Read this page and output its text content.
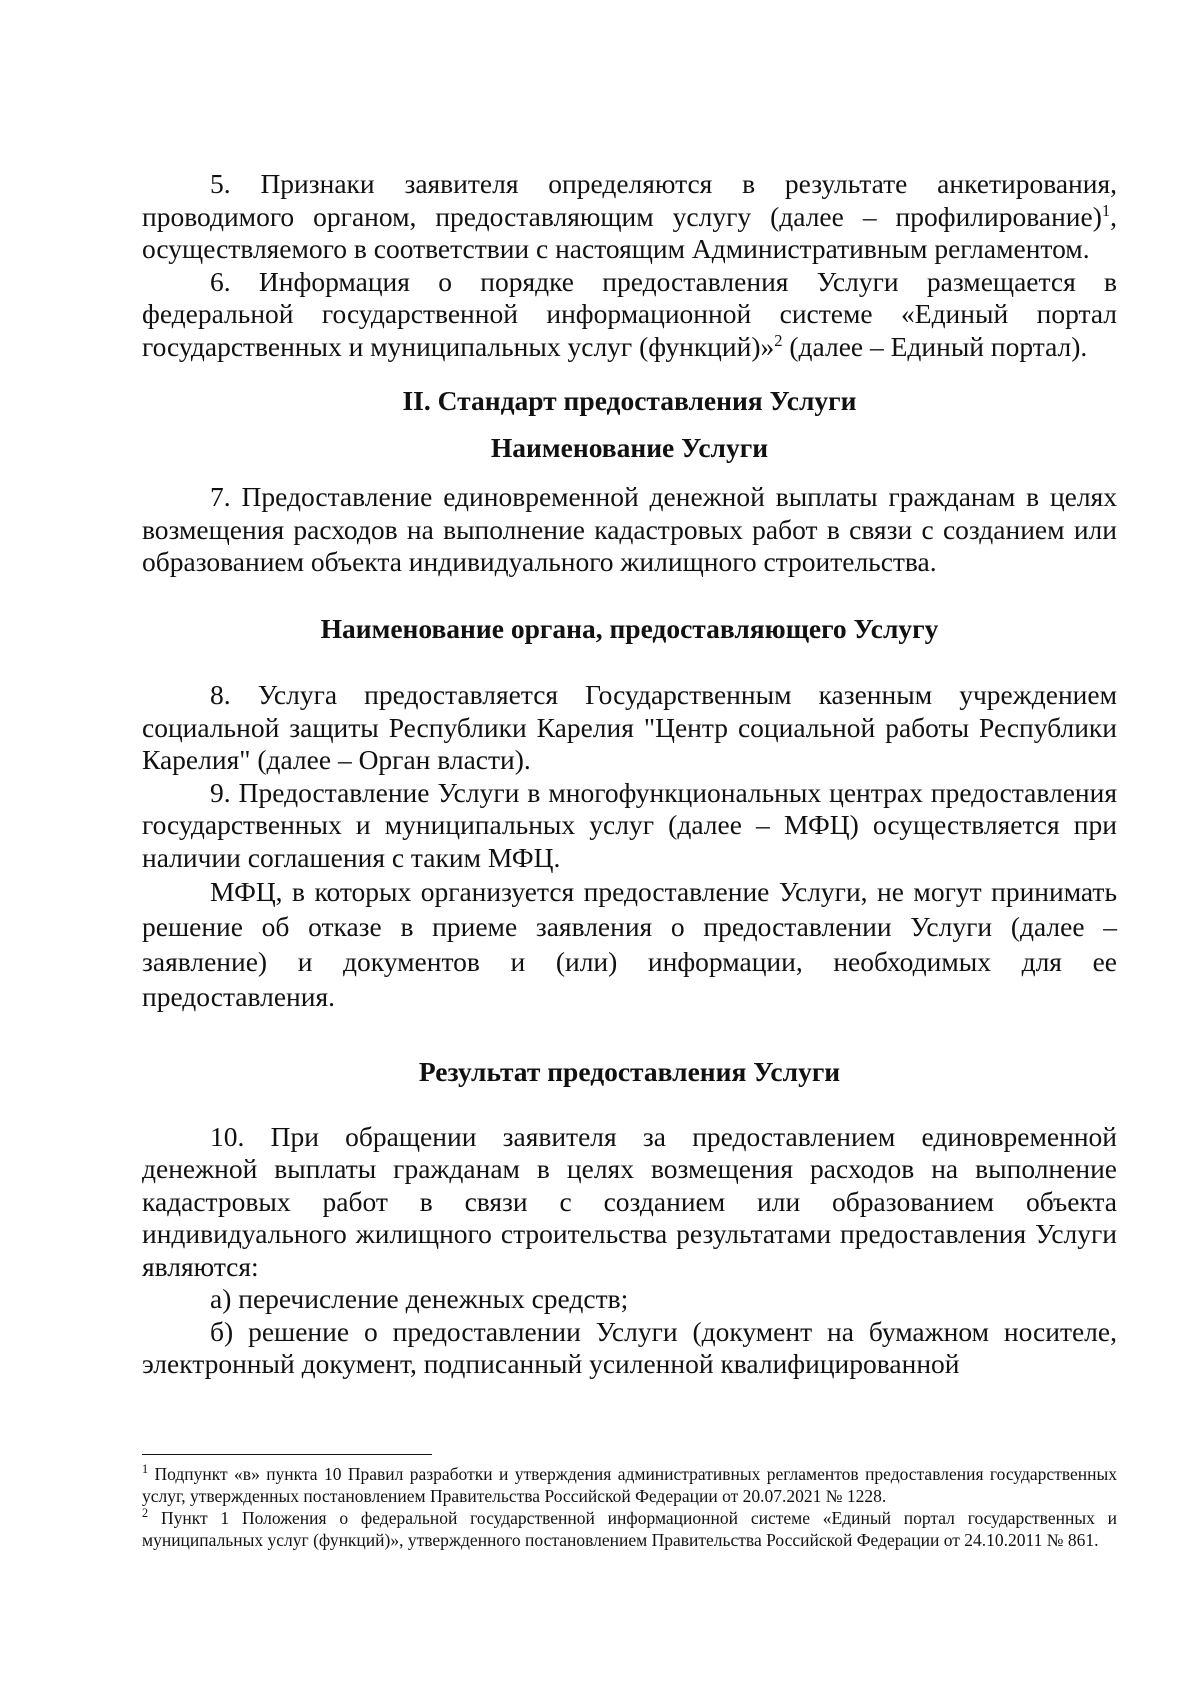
5. Признаки заявителя определяются в результате анкетирования, проводимого органом, предоставляющим услугу (далее – профилирование)$^1$, осуществляемого в соответствии с настоящим Административным регламентом.

6. Информация о порядке предоставления Услуги размещается в федеральной государственной информационной системе «Единый портал государственных и муниципальных услуг (функций)»$^2$ (далее – Единый портал).

II. Стандарт предоставления Услуги

Наименование Услуги

7. Предоставление единовременной денежной выплаты гражданам в целях возмещения расходов на выполнение кадастровых работ в связи с созданием или образованием объекта индивидуального жилищного строительства.

Наименование органа, предоставляющего Услугу

8. Услуга предоставляется Государственным казенным учреждением социальной защиты Республики Карелия "Центр социальной работы Республики Карелия" (далее – Орган власти).

9. Предоставление Услуги в многофункциональных центрах предоставления государственных и муниципальных услуг (далее – МФЦ) осуществляется при наличии соглашения с таким МФЦ.

МФЦ, в которых организуется предоставление Услуги, не могут принимать решение об отказе в приеме заявления о предоставлении Услуги (далее – заявление) и документов и (или) информации, необходимых для ее предоставления.

Результат предоставления Услуги

10. При обращении заявителя за предоставлением единовременной денежной выплаты гражданам в целях возмещения расходов на выполнение кадастровых работ в связи с созданием или образованием объекта индивидуального жилищного строительства результатами предоставления Услуги являются:

а) перечисление денежных средств;

б) решение о предоставлении Услуги (документ на бумажном носителе, электронный документ, подписанный усиленной квалифицированной

$^1$ Подпункт «в» пункта 10 Правил разработки и утверждения административных регламентов предоставления государственных услуг, утвержденных постановлением Правительства Российской Федерации от 20.07.2021 № 1228.

$^2$ Пункт 1 Положения о федеральной государственной информационной системе «Единый портал государственных и муниципальных услуг (функций)», утвержденного постановлением Правительства Российской Федерации от 24.10.2011 № 861.
